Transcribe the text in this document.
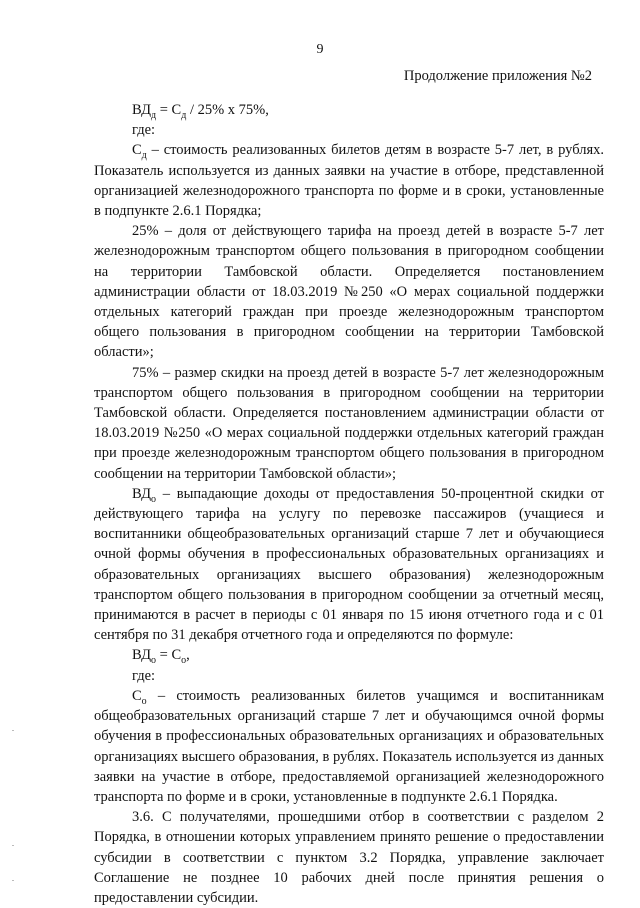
9
Продолжение приложения №2

$ВД_д = С_д / 25\%$ х 75%,

где:

$С_д$ – стоимость реализованных билетов детям в возрасте 5-7 лет, в рублях. Показатель используется из данных заявки на участие в отборе, представленной организацией железнодорожного транспорта по форме и в сроки, установленные в подпункте 2.6.1 Порядка;

25% – доля от действующего тарифа на проезд детей в возрасте 5-7 лет железнодорожным транспортом общего пользования в пригородном сообщении на территории Тамбовской области. Определяется постановлением администрации области от 18.03.2019 №250 «О мерах социальной поддержки отдельных категорий граждан при проезде железнодорожным транспортом общего пользования в пригородном сообщении на территории Тамбовской области»;

75% – размер скидки на проезд детей в возрасте 5-7 лет железнодорожным транспортом общего пользования в пригородном сообщении на территории Тамбовской области. Определяется постановлением администрации области от 18.03.2019 №250 «О мерах социальной поддержки отдельных категорий граждан при проезде железнодорожным транспортом общего пользования в пригородном сообщении на территории Тамбовской области»;

$ВД_о$ – выпадающие доходы от предоставления 50-процентной скидки от действующего тарифа на услугу по перевозке пассажиров (учащиеся и воспитанники общеобразовательных организаций старше 7 лет и обучающиеся очной формы обучения в профессиональных образовательных организациях и образовательных организациях высшего образования) железнодорожным транспортом общего пользования в пригородном сообщении за отчетный месяц, принимаются в расчет в периоды с 01 января по 15 июня отчетного года и с 01 сентября по 31 декабря отчетного года и определяются по формуле:

$ВД_о = С_о$,

где:

$С_о$ – стоимость реализованных билетов учащимся и воспитанникам общеобразовательных организаций старше 7 лет и обучающимся очной формы обучения в профессиональных образовательных организациях и образовательных организациях высшего образования, в рублях. Показатель используется из данных заявки на участие в отборе, предоставляемой организацией железнодорожного транспорта по форме и в сроки, установленные в подпункте 2.6.1 Порядка.

3.6. С получателями, прошедшими отбор в соответствии с разделом 2 Порядка, в отношении которых управлением принято решение о предоставлении субсидии в соответствии с пунктом 3.2 Порядка, управление заключает Соглашение не позднее 10 рабочих дней после принятия решения о предоставлении субсидии.
